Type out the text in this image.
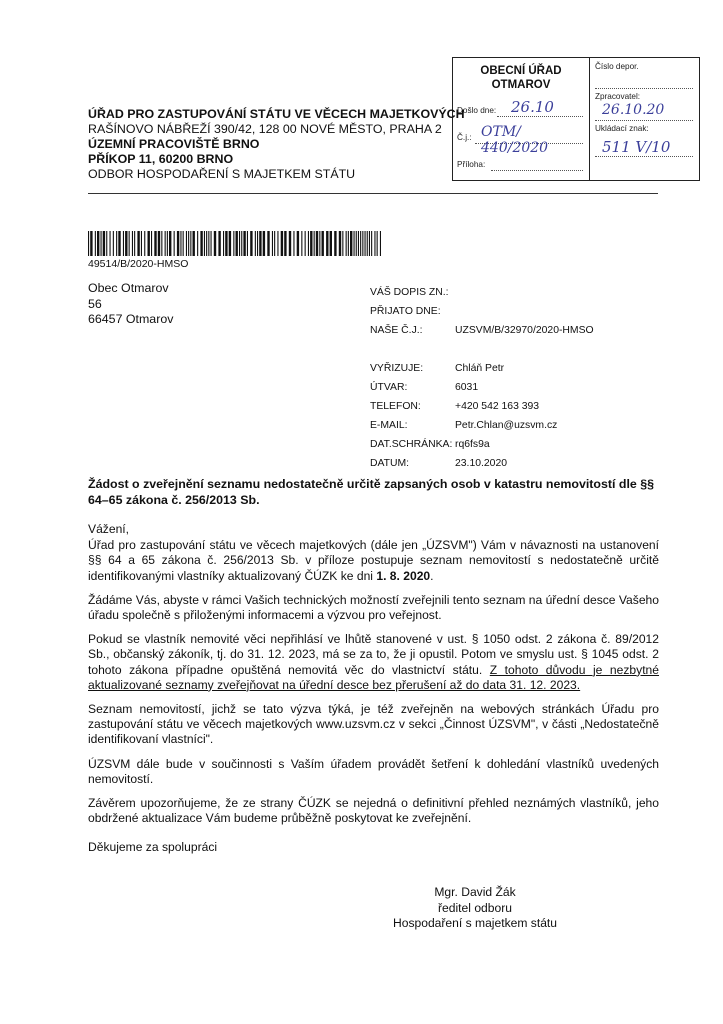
OBECNÍ ÚŘAD
OTMAROV
Došlo dne: 26.10
Č.j.: OTM/ 440/2020
Příloha:
Číslo depor.
Zpracovatel:
26.10.20
Ukládací znak:
511 V/10
ÚŘAD PRO ZASTUPOVÁNÍ STÁTU VE VĚCECH MAJETKOVÝCH
RAŠÍNOVO NÁBŘEŽÍ 390/42, 128 00 NOVÉ MĚSTO, PRAHA 2
ÚZEMNÍ PRACOVIŠTĚ BRNO
PŘÍKOP 11, 60200 BRNO
ODBOR HOSPODAŘENÍ S MAJETKEM STÁTU
49514/B/2020-HMSO
Obec Otmarov
56
66457 Otmarov
VÁŠ DOPIS ZN.:
PŘIJATO DNE:
NAŠE Č.J.:	UZSVM/B/32970/2020-HMSO
VYŘIZUJE:	Chláň Petr
ÚTVAR:	6031
TELEFON:	+420 542 163 393
E-MAIL:	Petr.Chlan@uzsvm.cz
DAT.SCHRÁNKA: rq6fs9a
DATUM:	23.10.2020
Žádost o zveřejnění seznamu nedostatečně určitě zapsaných osob v katastru nemovitostí dle §§ 64–65 zákona č. 256/2013 Sb.

Vážení,

Úřad pro zastupování státu ve věcech majetkových (dále jen „ÚZSVM") Vám v návaznosti na ustanovení §§ 64 a 65 zákona č. 256/2013 Sb. v příloze postupuje seznam nemovitostí s nedostatečně určitě identifikovanými vlastníky aktualizovaný ČÚZK ke dni 1. 8. 2020.

Žádáme Vás, abyste v rámci Vašich technických možností zveřejnili tento seznam na úřední desce Vašeho úřadu společně s přiloženými informacemi a výzvou pro veřejnost.

Pokud se vlastník nemovité věci nepřihlásí ve lhůtě stanovené v ust. § 1050 odst. 2 zákona č. 89/2012 Sb., občanský zákoník, tj. do 31. 12. 2023, má se za to, že ji opustil. Potom ve smyslu ust. § 1045 odst. 2 tohoto zákona případne opuštěná nemovitá věc do vlastnictví státu. Z tohoto důvodu je nezbytné aktualizované seznamy zveřejňovat na úřední desce bez přerušení až do data 31. 12. 2023.

Seznam nemovitostí, jichž se tato výzva týká, je též zveřejněn na webových stránkách Úřadu pro zastupování státu ve věcech majetkových www.uzsvm.cz v sekci „Činnost ÚZSVM", v části „Nedostatečně identifikovaní vlastníci".

ÚZSVM dále bude v součinnosti s Vaším úřadem provádět šetření k dohledání vlastníků uvedených nemovitostí.

Závěrem upozorňujeme, že ze strany ČÚZK se nejedná o definitivní přehled neznámých vlastníků, jeho obdržené aktualizace Vám budeme průběžně poskytovat ke zveřejnění.

Děkujeme za spolupráci
Mgr. David Žák
ředitel odboru
Hospodaření s majetkem státu
